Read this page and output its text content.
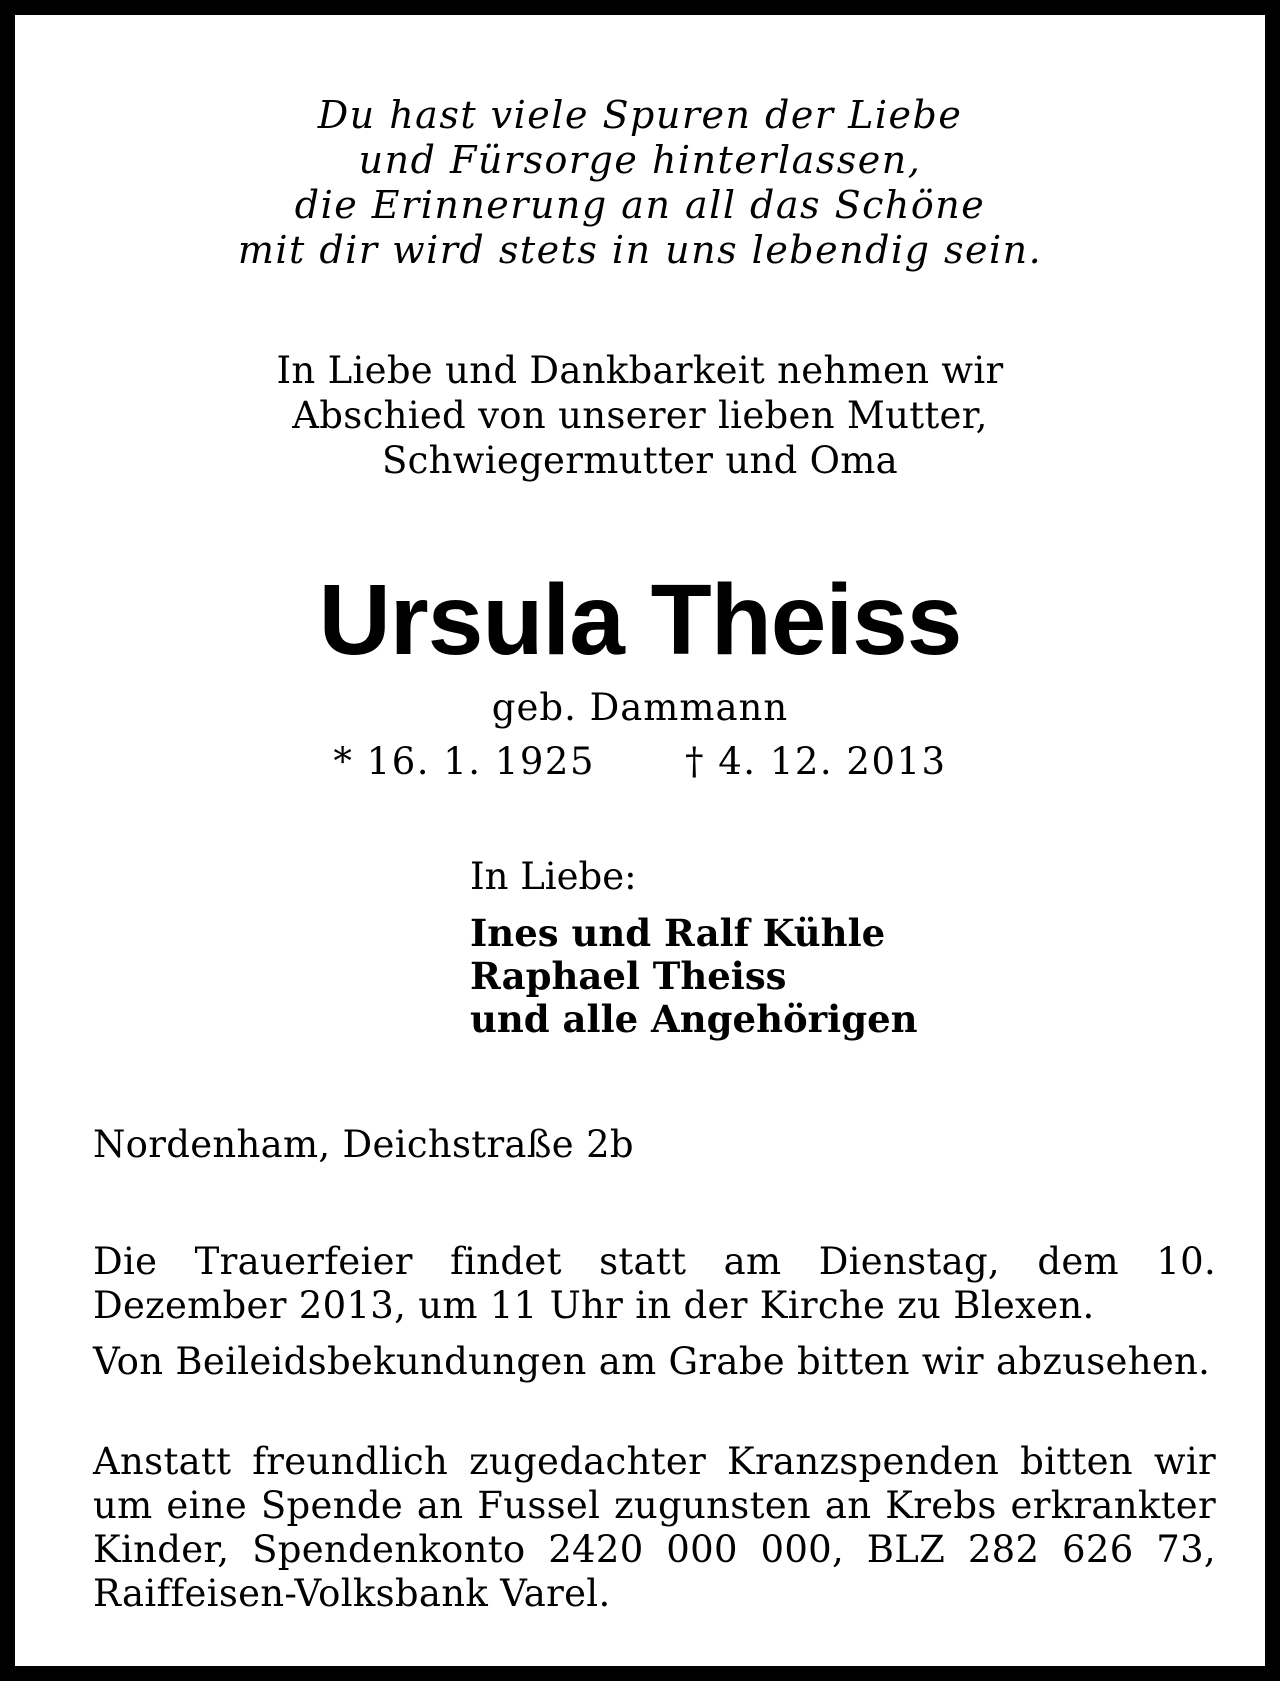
Du hast viele Spuren der Liebe
und Fürsorge hinterlassen,
die Erinnerung an all das Schöne
mit dir wird stets in uns lebendig sein.
In Liebe und Dankbarkeit nehmen wir
Abschied von unserer lieben Mutter,
Schwiegermutter und Oma
Ursula Theiss
geb. Dammann
* 16. 1. 1925 † 4. 12. 2013
In Liebe:
Ines und Ralf Kühle
Raphael Theiss
und alle Angehörigen
Nordenham, Deichstraße 2b
Die Trauerfeier findet statt am Dienstag, dem 10. Dezember 2013, um 11 Uhr in der Kirche zu Blexen.
Von Beileidsbekundungen am Grabe bitten wir abzusehen.
Anstatt freundlich zugedachter Kranzspenden bitten wir um eine Spende an Fussel zugunsten an Krebs erkrankter Kinder, Spendenkonto 2420 000 000, BLZ 282 626 73, Raiffeisen-Volksbank Varel.
